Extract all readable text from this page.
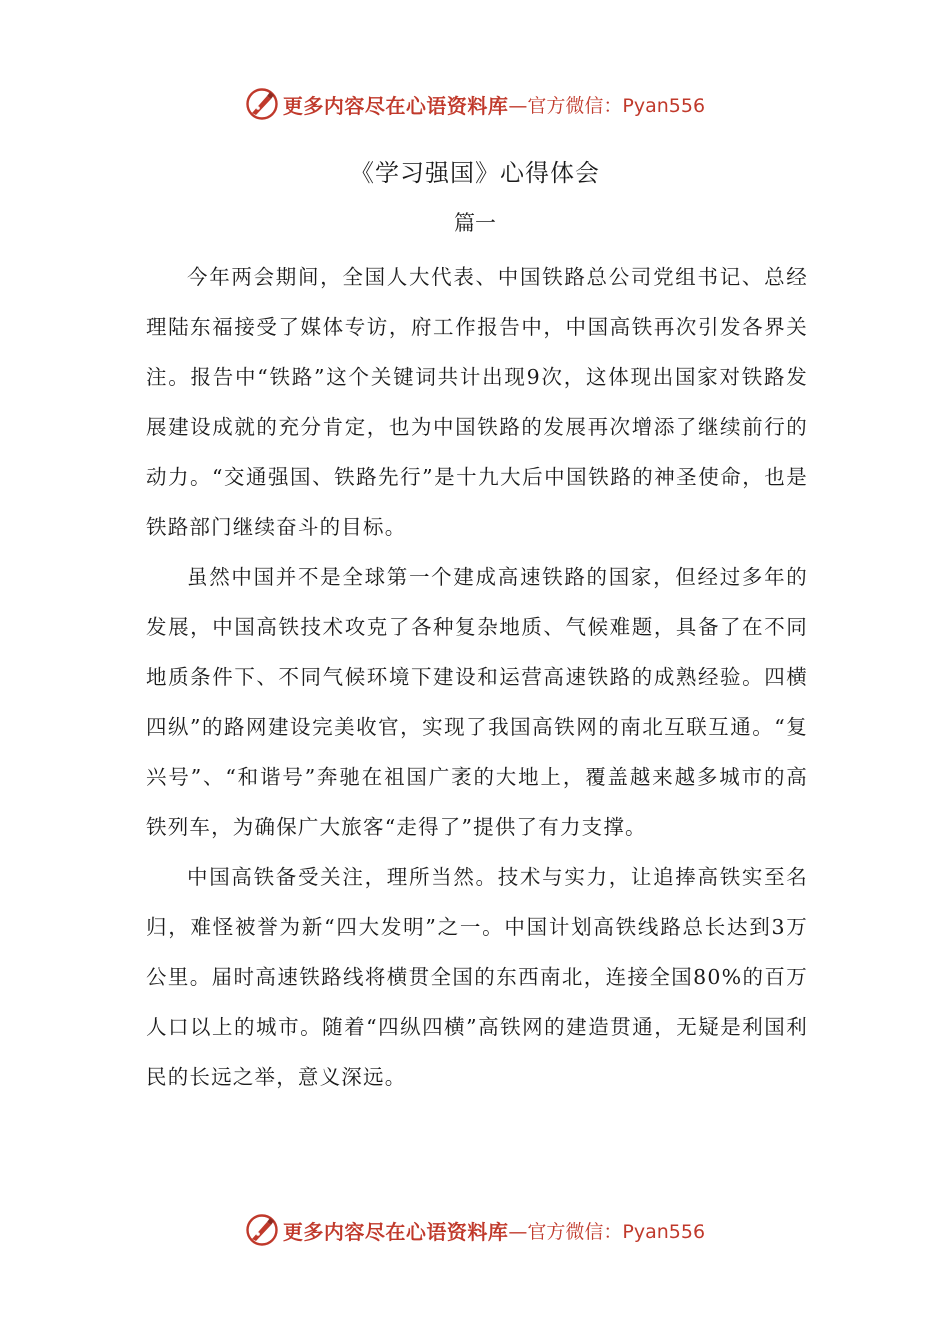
更多内容尽在心语资料库 —官方微信：Pyan556
《学习强国》心得体会
篇一

今年两会期间，全国人大代表、中国铁路总公司党组书记、总经理陆东福接受了媒体专访，府工作报告中，中国高铁再次引发各界关注。报告中“铁路”这个关键词共计出现9次，这体现出国家对铁路发展建设成就的充分肯定，也为中国铁路的发展再次增添了继续前行的动力。“交通强国、铁路先行”是十九大后中国铁路的神圣使命，也是铁路部门继续奋斗的目标。

虽然中国并不是全球第一个建成高速铁路的国家，但经过多年的发展，中国高铁技术攻克了各种复杂地质、气候难题，具备了在不同地质条件下、不同气候环境下建设和运营高速铁路的成熟经验。四横四纵”的路网建设完美收官，实现了我国高铁网的南北互联互通。“复兴号”、“和谐号”奔驰在祖国广袤的大地上，覆盖越来越多城市的高铁列车，为确保广大旅客“走得了”提供了有力支撑。

中国高铁备受关注，理所当然。技术与实力，让追捧高铁实至名归，难怪被誉为新“四大发明”之一。中国计划高铁线路总长达到3万公里。届时高速铁路线将横贯全国的东西南北，连接全国80%的百万人口以上的城市。随着“四纵四横”高铁网的建造贯通，无疑是利国利民的长远之举，意义深远。

更多内容尽在心语资料库 —官方微信：Pyan556
